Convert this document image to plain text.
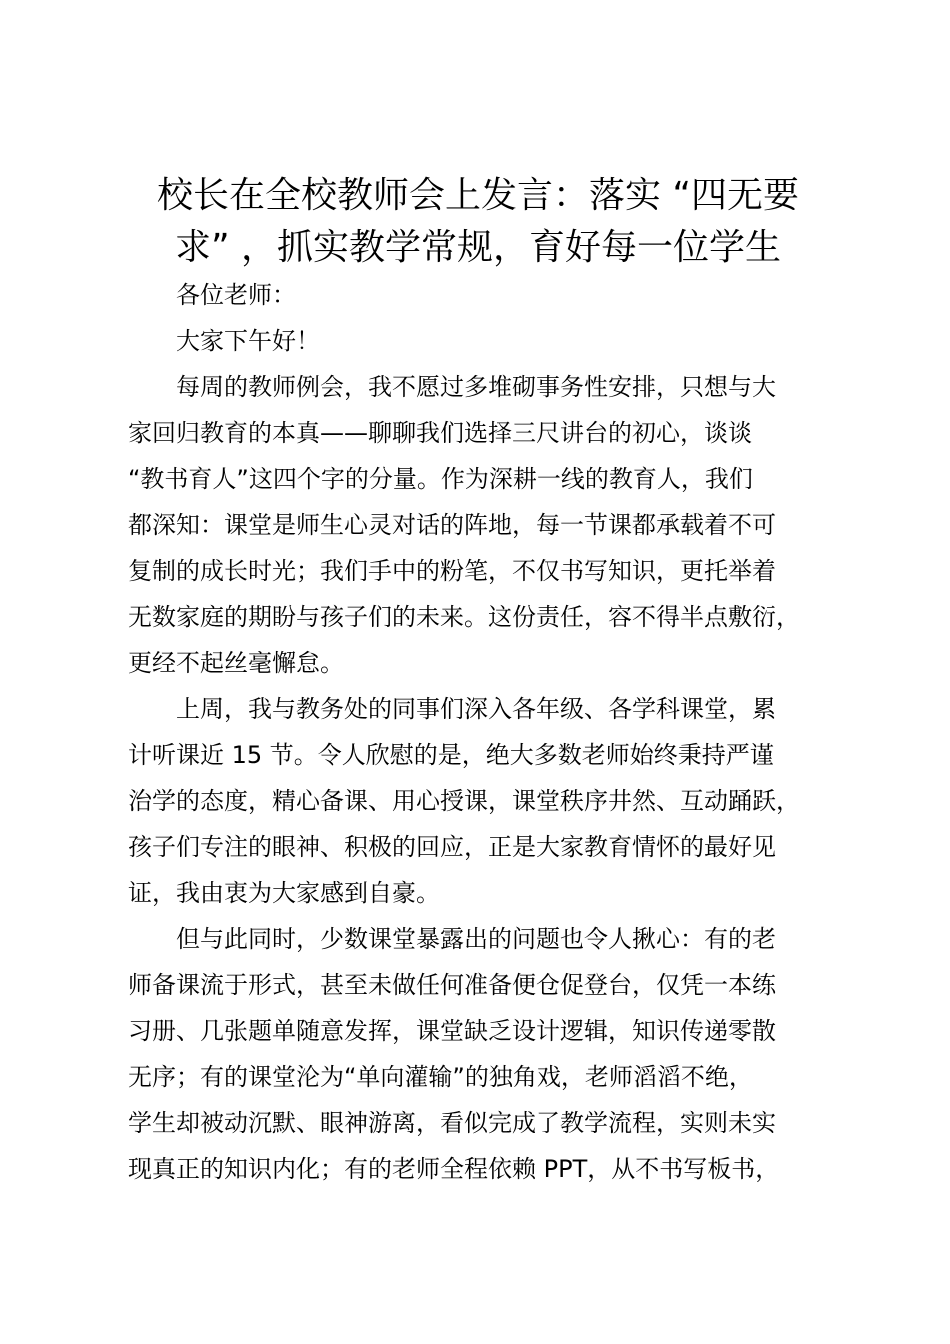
校长在全校教师会上发言：落实 “四无要
求” ，抓实教学常规，育好每一位学生
各位老师：
大家下午好！
每周的教师例会，我不愿过多堆砌事务性安排，只想与大
家回归教育的本真——聊聊我们选择三尺讲台的初心，谈谈
“教书育人”这四个字的分量。作为深耕一线的教育人，我们
都深知：课堂是师生心灵对话的阵地，每一节课都承载着不可
复制的成长时光；我们手中的粉笔，不仅书写知识，更托举着
无数家庭的期盼与孩子们的未来。这份责任，容不得半点敷衍，
更经不起丝毫懈怠。
上周，我与教务处的同事们深入各年级、各学科课堂，累
计听课近 15 节。令人欣慰的是，绝大多数老师始终秉持严谨
治学的态度，精心备课、用心授课，课堂秩序井然、互动踊跃，
孩子们专注的眼神、积极的回应，正是大家教育情怀的最好见
证，我由衷为大家感到自豪。
但与此同时，少数课堂暴露出的问题也令人揪心：有的老
师备课流于形式，甚至未做任何准备便仓促登台，仅凭一本练
习册、几张题单随意发挥，课堂缺乏设计逻辑，知识传递零散
无序；有的课堂沦为“单向灌输”的独角戏，老师滔滔不绝，
学生却被动沉默、眼神游离，看似完成了教学流程，实则未实
现真正的知识内化；有的老师全程依赖 PPT，从不书写板书，
